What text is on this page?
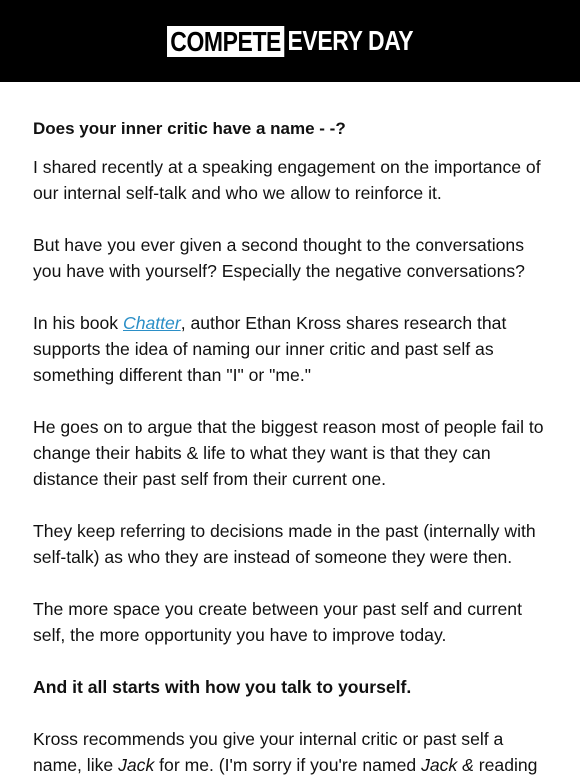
COMPETE EVERY DAY

Does your inner critic have a name - -?

I shared recently at a speaking engagement on the importance of our internal self-talk and who we allow to reinforce it.

But have you ever given a second thought to the conversations you have with yourself? Especially the negative conversations?

In his book Chatter, author Ethan Kross shares research that supports the idea of naming our inner critic and past self as something different than "I" or "me."

He goes on to argue that the biggest reason most of people fail to change their habits & life to what they want is that they can distance their past self from their current one.

They keep referring to decisions made in the past (internally with self-talk) as who they are instead of someone they were then.

The more space you create between your past self and current self, the more opportunity you have to improve today.

And it all starts with how you talk to yourself.

Kross recommends you give your internal critic or past self a name, like Jack for me. (I'm sorry if you're named Jack & reading
